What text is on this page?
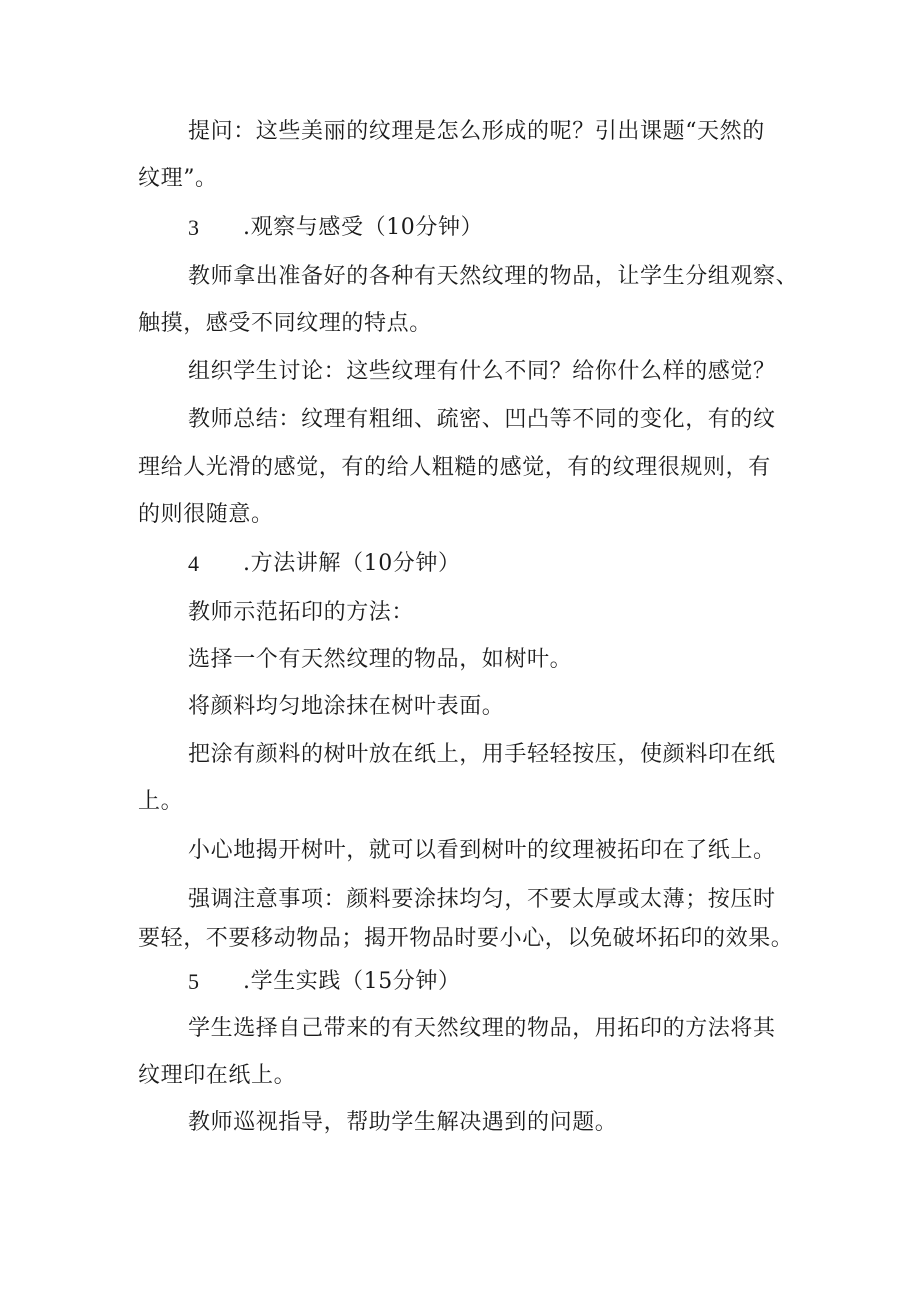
提问：这些美丽的纹理是怎么形成的呢？引出课题“天然的
纹理”。
3 .观察与感受（10分钟）
教师拿出准备好的各种有天然纹理的物品，让学生分组观察、
触摸，感受不同纹理的特点。
组织学生讨论：这些纹理有什么不同？给你什么样的感觉？
教师总结：纹理有粗细、疏密、凹凸等不同的变化，有的纹
理给人光滑的感觉，有的给人粗糙的感觉，有的纹理很规则，有
的则很随意。
4 .方法讲解（10分钟）
教师示范拓印的方法：
选择一个有天然纹理的物品，如树叶。
将颜料均匀地涂抹在树叶表面。
把涂有颜料的树叶放在纸上，用手轻轻按压，使颜料印在纸
上。
小心地揭开树叶，就可以看到树叶的纹理被拓印在了纸上。
强调注意事项：颜料要涂抹均匀，不要太厚或太薄；按压时
要轻，不要移动物品；揭开物品时要小心，以免破坏拓印的效果。
5 .学生实践（15分钟）
学生选择自己带来的有天然纹理的物品，用拓印的方法将其
纹理印在纸上。
教师巡视指导，帮助学生解决遇到的问题。
